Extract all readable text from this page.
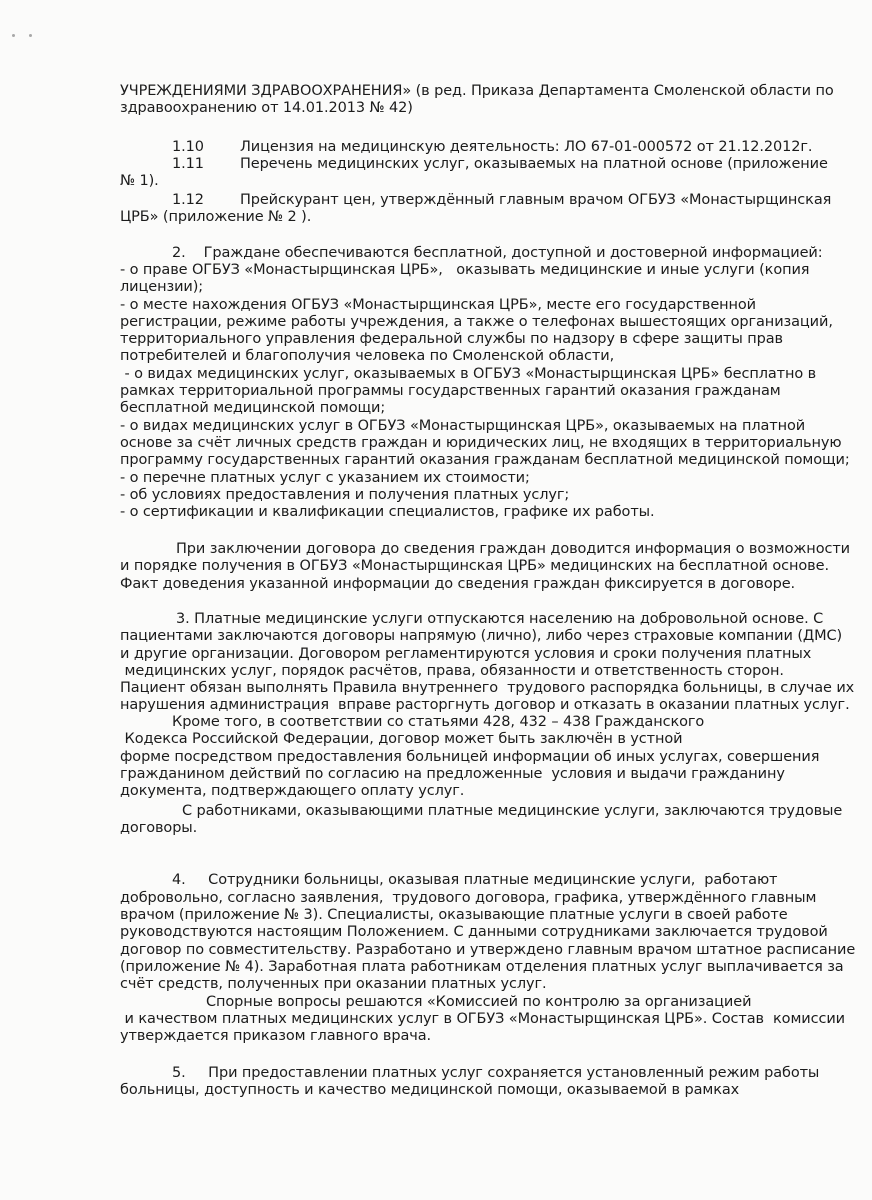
УЧРЕЖДЕНИЯМИ ЗДРАВООХРАНЕНИЯ» (в ред. Приказа Департамента Смоленской области по
здравоохранению от 14.01.2013 № 42)
1.10        Лицензия на медицинскую деятельность: ЛО 67-01-000572 от 21.12.2012г.
1.11        Перечень медицинских услуг, оказываемых на платной основе (приложение
№ 1).
1.12        Прейскурант цен, утверждённый главным врачом ОГБУЗ «Монастырщинская
ЦРБ» (приложение № 2 ).
2.    Граждане обеспечиваются бесплатной, доступной и достоверной информацией:
- о праве ОГБУЗ «Монастырщинская ЦРБ»,   оказывать медицинские и иные услуги (копия
лицензии);
- о месте нахождения ОГБУЗ «Монастырщинская ЦРБ», месте его государственной
регистрации, режиме работы учреждения, а также о телефонах вышестоящих организаций,
территориального управления федеральной службы по надзору в сфере защиты прав
потребителей и благополучия человека по Смоленской области,
- о видах медицинских услуг, оказываемых в ОГБУЗ «Монастырщинская ЦРБ» бесплатно в
рамках территориальной программы государственных гарантий оказания гражданам
бесплатной медицинской помощи;
- о видах медицинских услуг в ОГБУЗ «Монастырщинская ЦРБ», оказываемых на платной
основе за счёт личных средств граждан и юридических лиц, не входящих в территориальную
программу государственных гарантий оказания гражданам бесплатной медицинской помощи;
- о перечне платных услуг с указанием их стоимости;
- об условиях предоставления и получения платных услуг;
- о сертификации и квалификации специалистов, графике их работы.
При заключении договора до сведения граждан доводится информация о возможности
и порядке получения в ОГБУЗ «Монастырщинская ЦРБ» медицинских на бесплатной основе.
Факт доведения указанной информации до сведения граждан фиксируется в договоре.
3. Платные медицинские услуги отпускаются населению на добровольной основе. С
пациентами заключаются договоры напрямую (лично), либо через страховые компании (ДМС)
и другие организации. Договором регламентируются условия и сроки получения платных
медицинских услуг, порядок расчётов, права, обязанности и ответственность сторон.
Пациент обязан выполнять Правила внутреннего  трудового распорядка больницы, в случае их
нарушения администрация  вправе расторгнуть договор и отказать в оказании платных услуг.
Кроме того, в соответствии со статьями 428, 432 – 438 Гражданского
Кодекса Российской Федерации, договор может быть заключён в устной
форме посредством предоставления больницей информации об иных услугах, совершения
гражданином действий по согласию на предложенные  условия и выдачи гражданину
документа, подтверждающего оплату услуг.
С работниками, оказывающими платные медицинские услуги, заключаются трудовые
договоры.
4.     Сотрудники больницы, оказывая платные медицинские услуги,  работают
добровольно, согласно заявления,  трудового договора, графика, утверждённого главным
врачом (приложение № 3). Специалисты, оказывающие платные услуги в своей работе
руководствуются настоящим Положением. С данными сотрудниками заключается трудовой
договор по совместительству. Разработано и утверждено главным врачом штатное расписание
(приложение № 4). Заработная плата работникам отделения платных услуг выплачивается за
счёт средств, полученных при оказании платных услуг.
Спорные вопросы решаются «Комиссией по контролю за организацией
и качеством платных медицинских услуг в ОГБУЗ «Монастырщинская ЦРБ». Состав  комиссии
утверждается приказом главного врача.
5.     При предоставлении платных услуг сохраняется установленный режим работы
больницы, доступность и качество медицинской помощи, оказываемой в рамках
